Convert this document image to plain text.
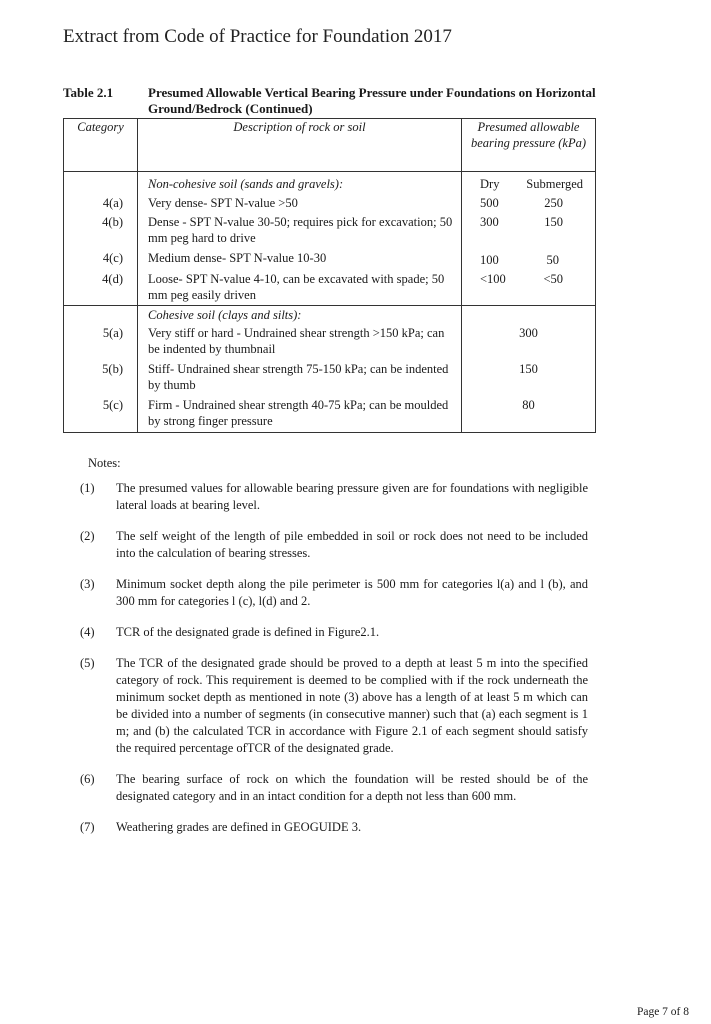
Extract from Code of Practice for Foundation 2017
Table 2.1	Presumed Allowable Vertical Bearing Pressure under Foundations on Horizontal Ground/Bedrock (Continued)
Category	Description of rock or soil	Presumed allowable bearing pressure (kPa)
	Non-cohesive soil (sands and gravels):	Dry Submerged

4(a)	Very dense- SPT N-value >50	500 250

4(b)	Dense - SPT N-value 30-50; requires pick for excavation; 50 mm peg hard to drive	300 150

4(c)	Medium dense- SPT N-value 10-30	100 50

4(d)	Loose- SPT N-value 4-10, can be excavated with spade; 50 mm peg easily driven	<100 <50

	Cohesive soil (clays and silts):	
5(a)	Very stiff or hard - Undrained shear strength >150 kPa; can be indented by thumbnail	300
5(b)	Stiff- Undrained shear strength 75-150 kPa; can be indented by thumb	150
5(c)	Firm - Undrained shear strength 40-75 kPa; can be moulded by strong finger pressure	80
Notes:
(1)	The presumed values for allowable bearing pressure given are for foundations with negligible lateral loads at bearing level.
(2)	The self weight of the length of pile embedded in soil or rock does not need to be included into the calculation of bearing stresses.
(3)	Minimum socket depth along the pile perimeter is 500 mm for categories l(a) and l (b), and 300 mm for categories l (c), l(d) and 2.
(4)	TCR of the designated grade is defined in Figure2.1.
(5)	The TCR of the designated grade should be proved to a depth at least 5 m into the specified category of rock. This requirement is deemed to be complied with if the rock underneath the minimum socket depth as mentioned in note (3) above has a length of at least 5 m which can be divided into a number of segments (in consecutive manner) such that (a) each segment is 1 m; and (b) the calculated TCR in accordance with Figure 2.1 of each segment should satisfy the required percentage ofTCR of the designated grade.
(6)	The bearing surface of rock on which the foundation will be rested should be of the designated category and in an intact condition for a depth not less than 600 mm.
(7)	Weathering grades are defined in GEOGUIDE 3.
Page 7 of 8
